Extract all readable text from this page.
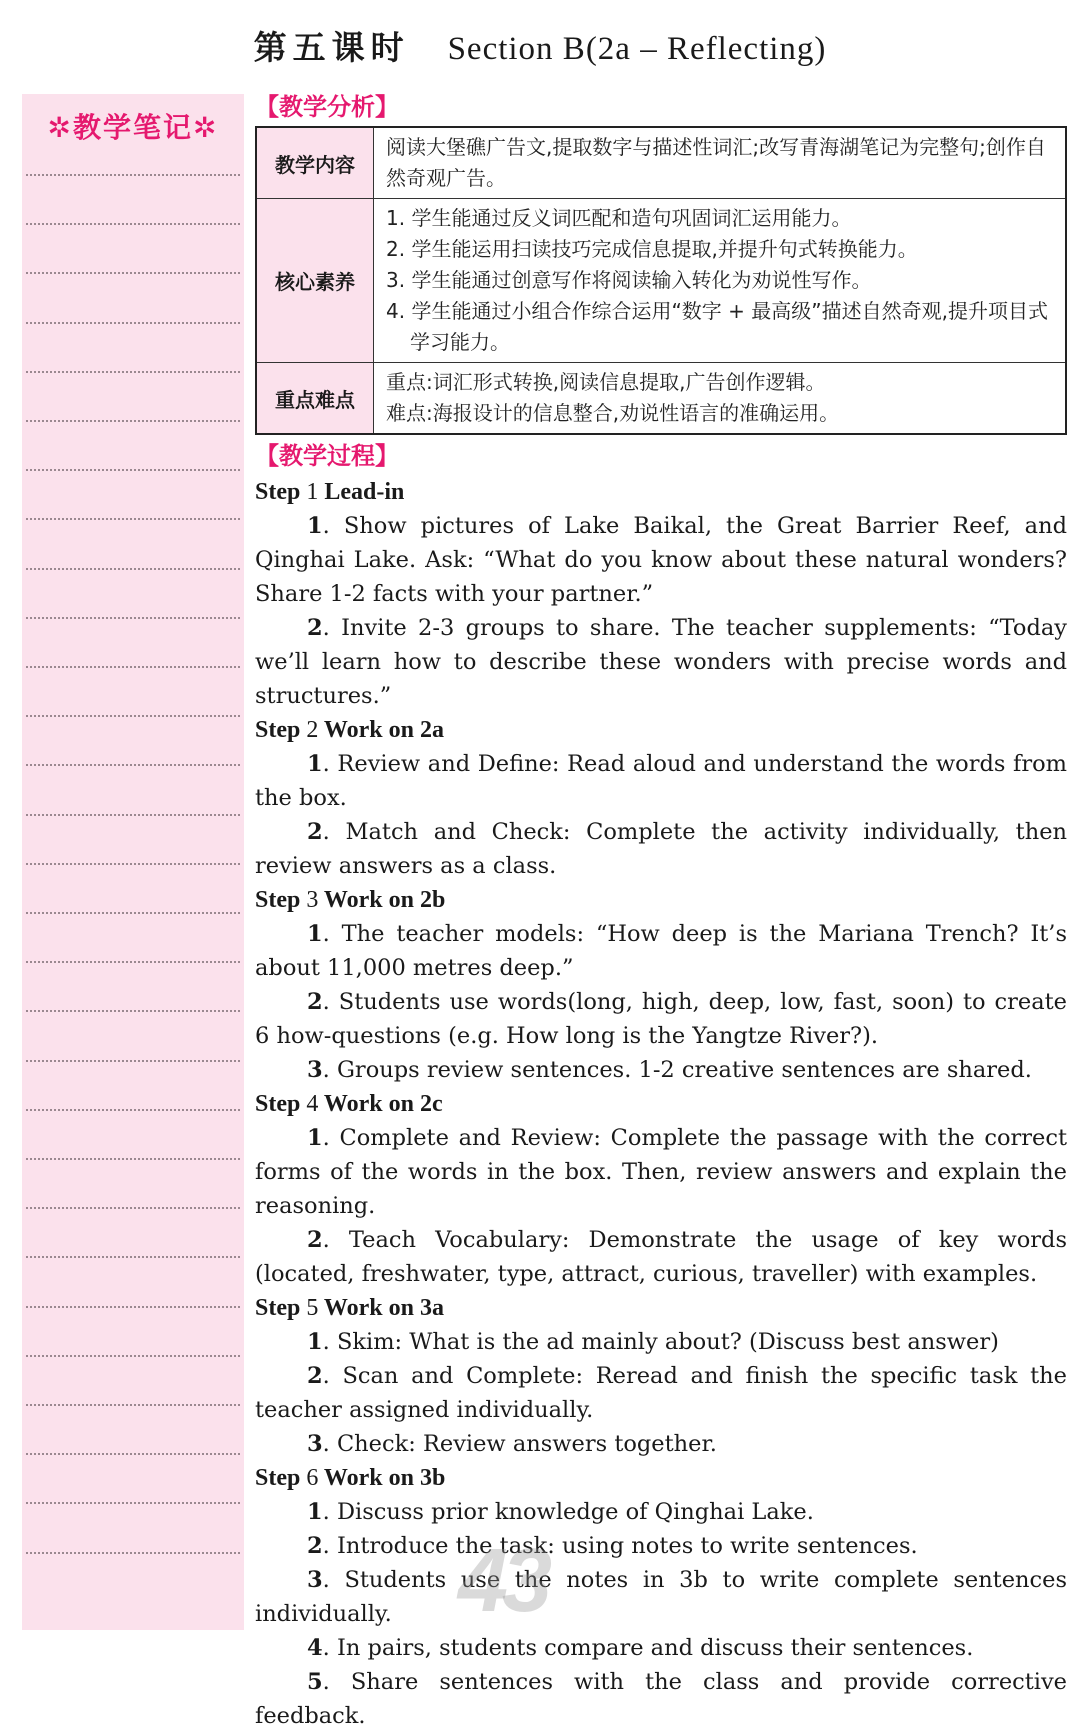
第五课时 Section B(2a – Reflecting)
✲教学笔记✲
【教学分析】
教学内容	阅读大堡礁广告文,提取数字与描述性词汇;改写青海湖笔记为完整句;创作自然奇观广告。

核心素养	1. 学生能通过反义词匹配和造句巩固词汇运用能力。
2. 学生能运用扫读技巧完成信息提取,并提升句式转换能力。
3. 学生能通过创意写作将阅读输入转化为劝说性写作。
4. 学生能通过小组合作综合运用“数字 + 最高级”描述自然奇观,提升项目式学习能力。

重点难点	重点:词汇形式转换,阅读信息提取,广告创作逻辑。
难点:海报设计的信息整合,劝说性语言的准确运用。
【教学过程】
Step 1 Lead-in

1. Show pictures of Lake Baikal, the Great Barrier Reef, and Qinghai Lake. Ask: “What do you know about these natural wonders? Share 1-2 facts with your partner.”

2. Invite 2-3 groups to share. The teacher supplements: “Today we’ll learn how to describe these wonders with precise words and structures.”

Step 2 Work on 2a

1. Review and Define: Read aloud and understand the words from the box.

2. Match and Check: Complete the activity individually, then review answers as a class.

Step 3 Work on 2b

1. The teacher models: “How deep is the Mariana Trench? It’s about 11,000 metres deep.”

2. Students use words(long, high, deep, low, fast, soon) to create 6 how-questions (e.g. How long is the Yangtze River?).

3. Groups review sentences. 1-2 creative sentences are shared.

Step 4 Work on 2c

1. Complete and Review: Complete the passage with the correct forms of the words in the box. Then, review answers and explain the reasoning.

2. Teach Vocabulary: Demonstrate the usage of key words (located, freshwater, type, attract, curious, traveller) with examples.

Step 5 Work on 3a

1. Skim: What is the ad mainly about? (Discuss best answer)

2. Scan and Complete: Reread and finish the specific task the teacher assigned individually.

3. Check: Review answers together.

Step 6 Work on 3b

1. Discuss prior knowledge of Qinghai Lake.

2. Introduce the task: using notes to write sentences.

3. Students use the notes in 3b to write complete sentences individually.

4. In pairs, students compare and discuss their sentences.

5. Share sentences with the class and provide corrective feedback.

43
